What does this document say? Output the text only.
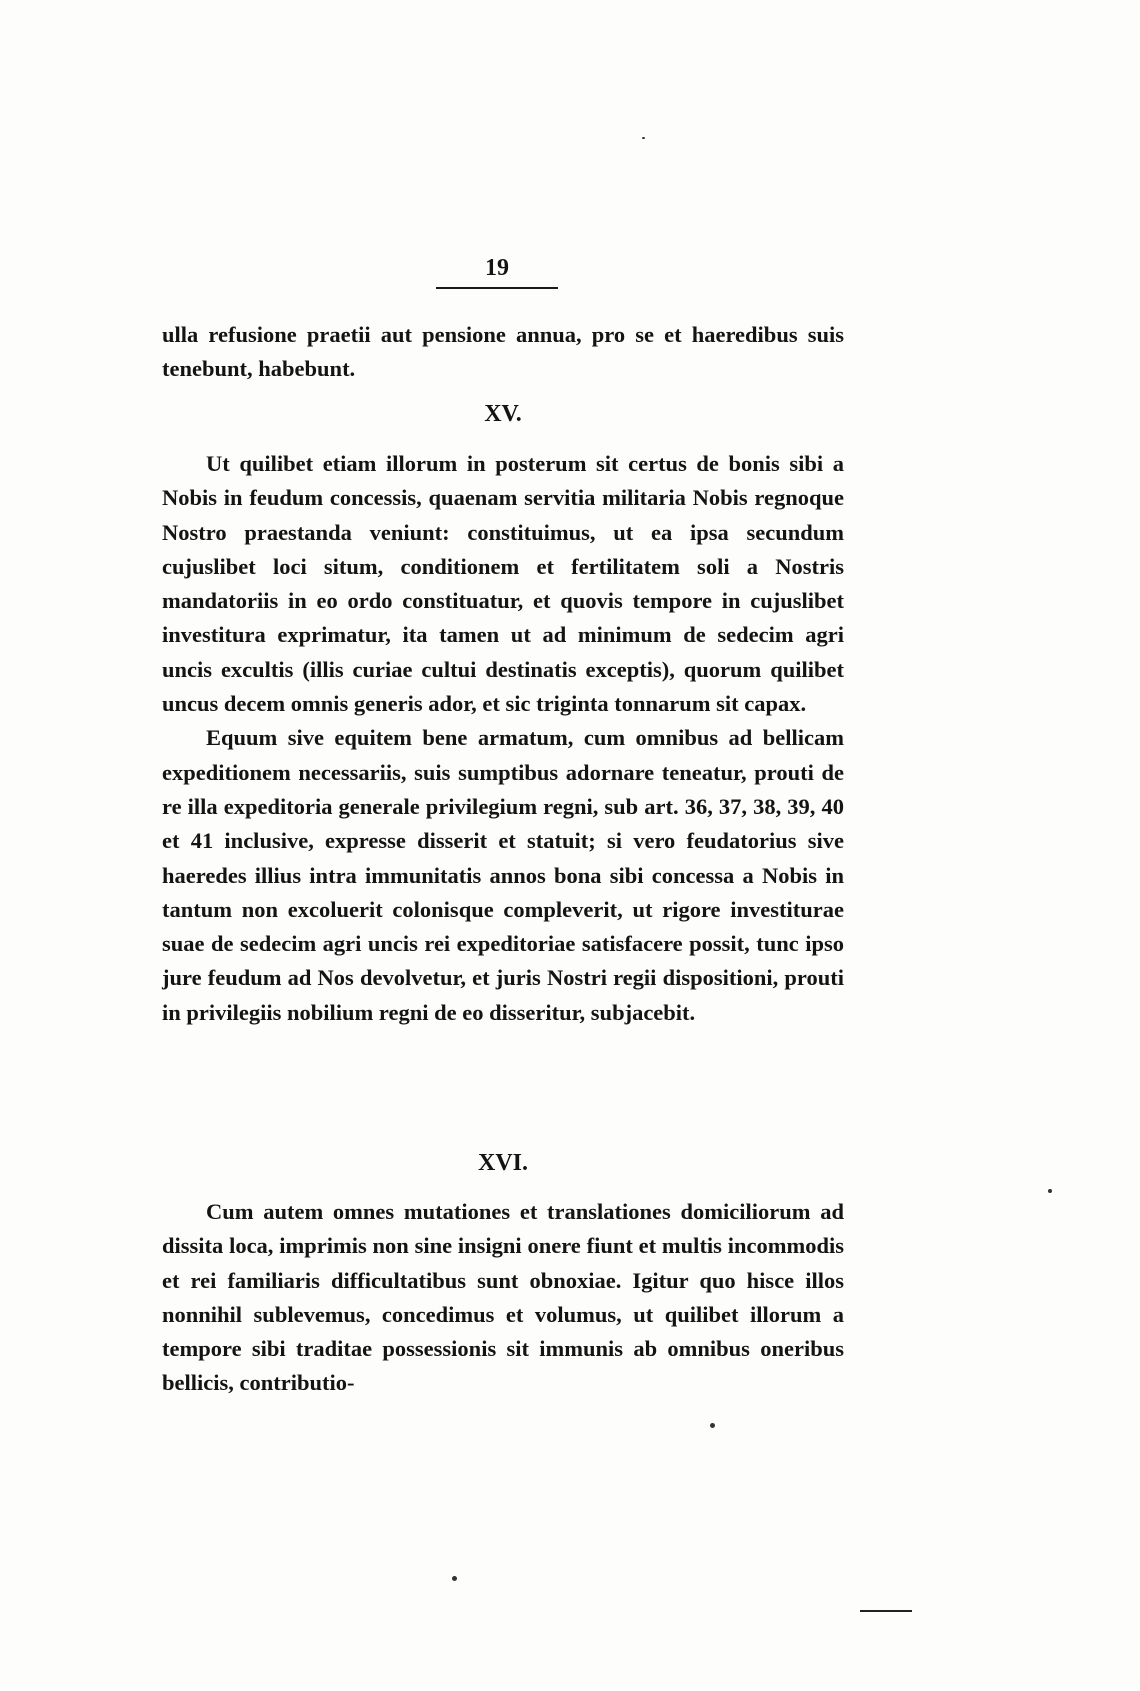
19

ulla refusione praetii aut pensione annua, pro se et haeredibus suis tenebunt, habebunt.

XV.

Ut quilibet etiam illorum in posterum sit certus de bonis sibi a Nobis in feudum concessis, quaenam servitia militaria Nobis regnoque Nostro praestanda veniunt: constituimus, ut ea ipsa secundum cujuslibet loci situm, conditionem et fertilitatem soli a Nostris mandatoriis in eo ordo constituatur, et quovis tempore in cujuslibet investitura exprimatur, ita tamen ut ad minimum de sedecim agri uncis excultis (illis curiae cultui destinatis exceptis), quorum quilibet uncus decem omnis generis ador, et sic triginta tonnarum sit capax.

Equum sive equitem bene armatum, cum omnibus ad bellicam expeditionem necessariis, suis sumptibus adornare teneatur, prouti de re illa expeditoria generale privilegium regni, sub art. 36, 37, 38, 39, 40 et 41 inclusive, expresse disserit et statuit; si vero feudatorius sive haeredes illius intra immunitatis annos bona sibi concessa a Nobis in tantum non excoluerit colonisque compleverit, ut rigore investiturae suae de sedecim agri uncis rei expeditoriae satisfacere possit, tunc ipso jure feudum ad Nos devolvetur, et juris Nostri regii dispositioni, prouti in privilegiis nobilium regni de eo disseritur, subjacebit.

XVI.

Cum autem omnes mutationes et translationes domiciliorum ad dissita loca, imprimis non sine insigni onere fiunt et multis incommodis et rei familiaris difficultatibus sunt obnoxiae. Igitur quo hisce illos nonnihil sublevemus, concedimus et volumus, ut quilibet illorum a tempore sibi traditae possessionis sit immunis ab omnibus oneribus bellicis, contributio-
